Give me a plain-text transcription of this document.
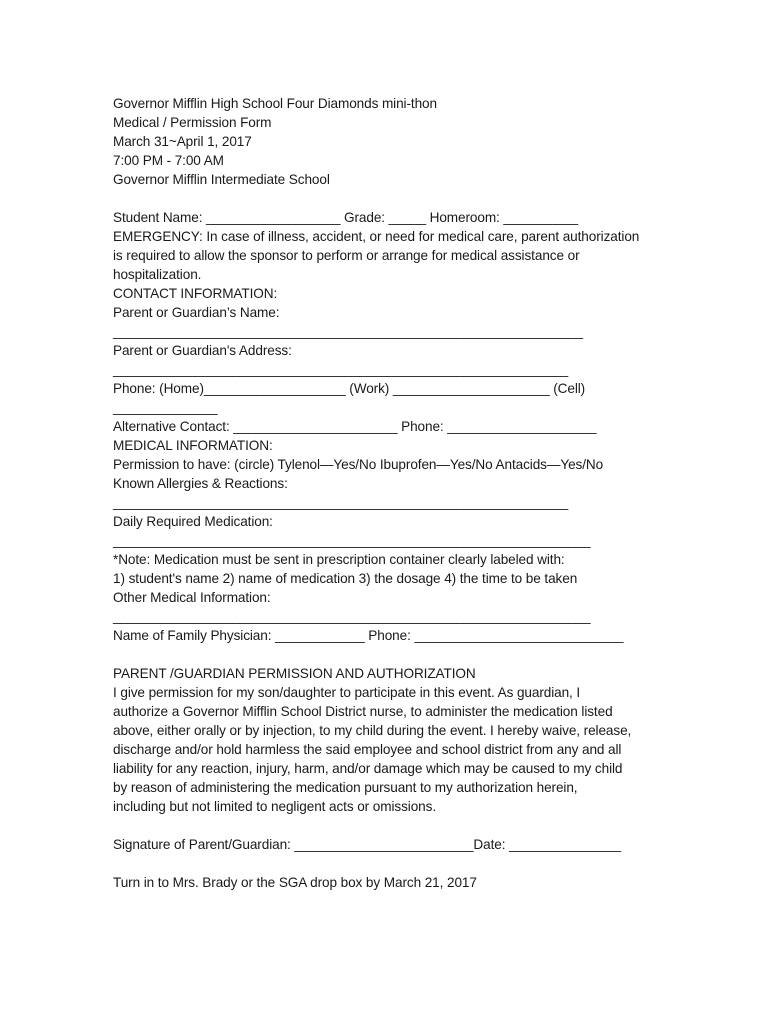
Governor Mifflin High School Four Diamonds mini-thon

Medical / Permission Form

March 31~April 1, 2017

7:00 PM - 7:00 AM

Governor Mifflin Intermediate School

Student Name: __________________ Grade: _____ Homeroom: __________

EMERGENCY: In case of illness, accident, or need for medical care, parent authorization

is required to allow the sponsor to perform or arrange for medical assistance or

hospitalization.

CONTACT INFORMATION:

Parent or Guardian’s Name:

_______________________________________________________________

Parent or Guardian's Address:

_____________________________________________________________

Phone: (Home)___________________ (Work) _____________________ (Cell)

______________

Alternative Contact: ______________________ Phone: ____________________

MEDICAL INFORMATION:

Permission to have: (circle) Tylenol—Yes/No Ibuprofen—Yes/No Antacids—Yes/No

Known Allergies & Reactions:

_____________________________________________________________

Daily Required Medication:

________________________________________________________________

*Note: Medication must be sent in prescription container clearly labeled with:

1) student's name 2) name of medication 3) the dosage 4) the time to be taken

Other Medical Information:

________________________________________________________________

Name of Family Physician: ____________ Phone: ____________________________

PARENT /GUARDIAN PERMISSION AND AUTHORIZATION

I give permission for my son/daughter to participate in this event. As guardian, I

authorize a Governor Mifflin School District nurse, to administer the medication listed

above, either orally or by injection, to my child during the event. I hereby waive, release,

discharge and/or hold harmless the said employee and school district from any and all

liability for any reaction, injury, harm, and/or damage which may be caused to my child

by reason of administering the medication pursuant to my authorization herein,

including but not limited to negligent acts or omissions.

Signature of Parent/Guardian: ________________________Date: _______________

Turn in to Mrs. Brady or the SGA drop box by March 21, 2017
